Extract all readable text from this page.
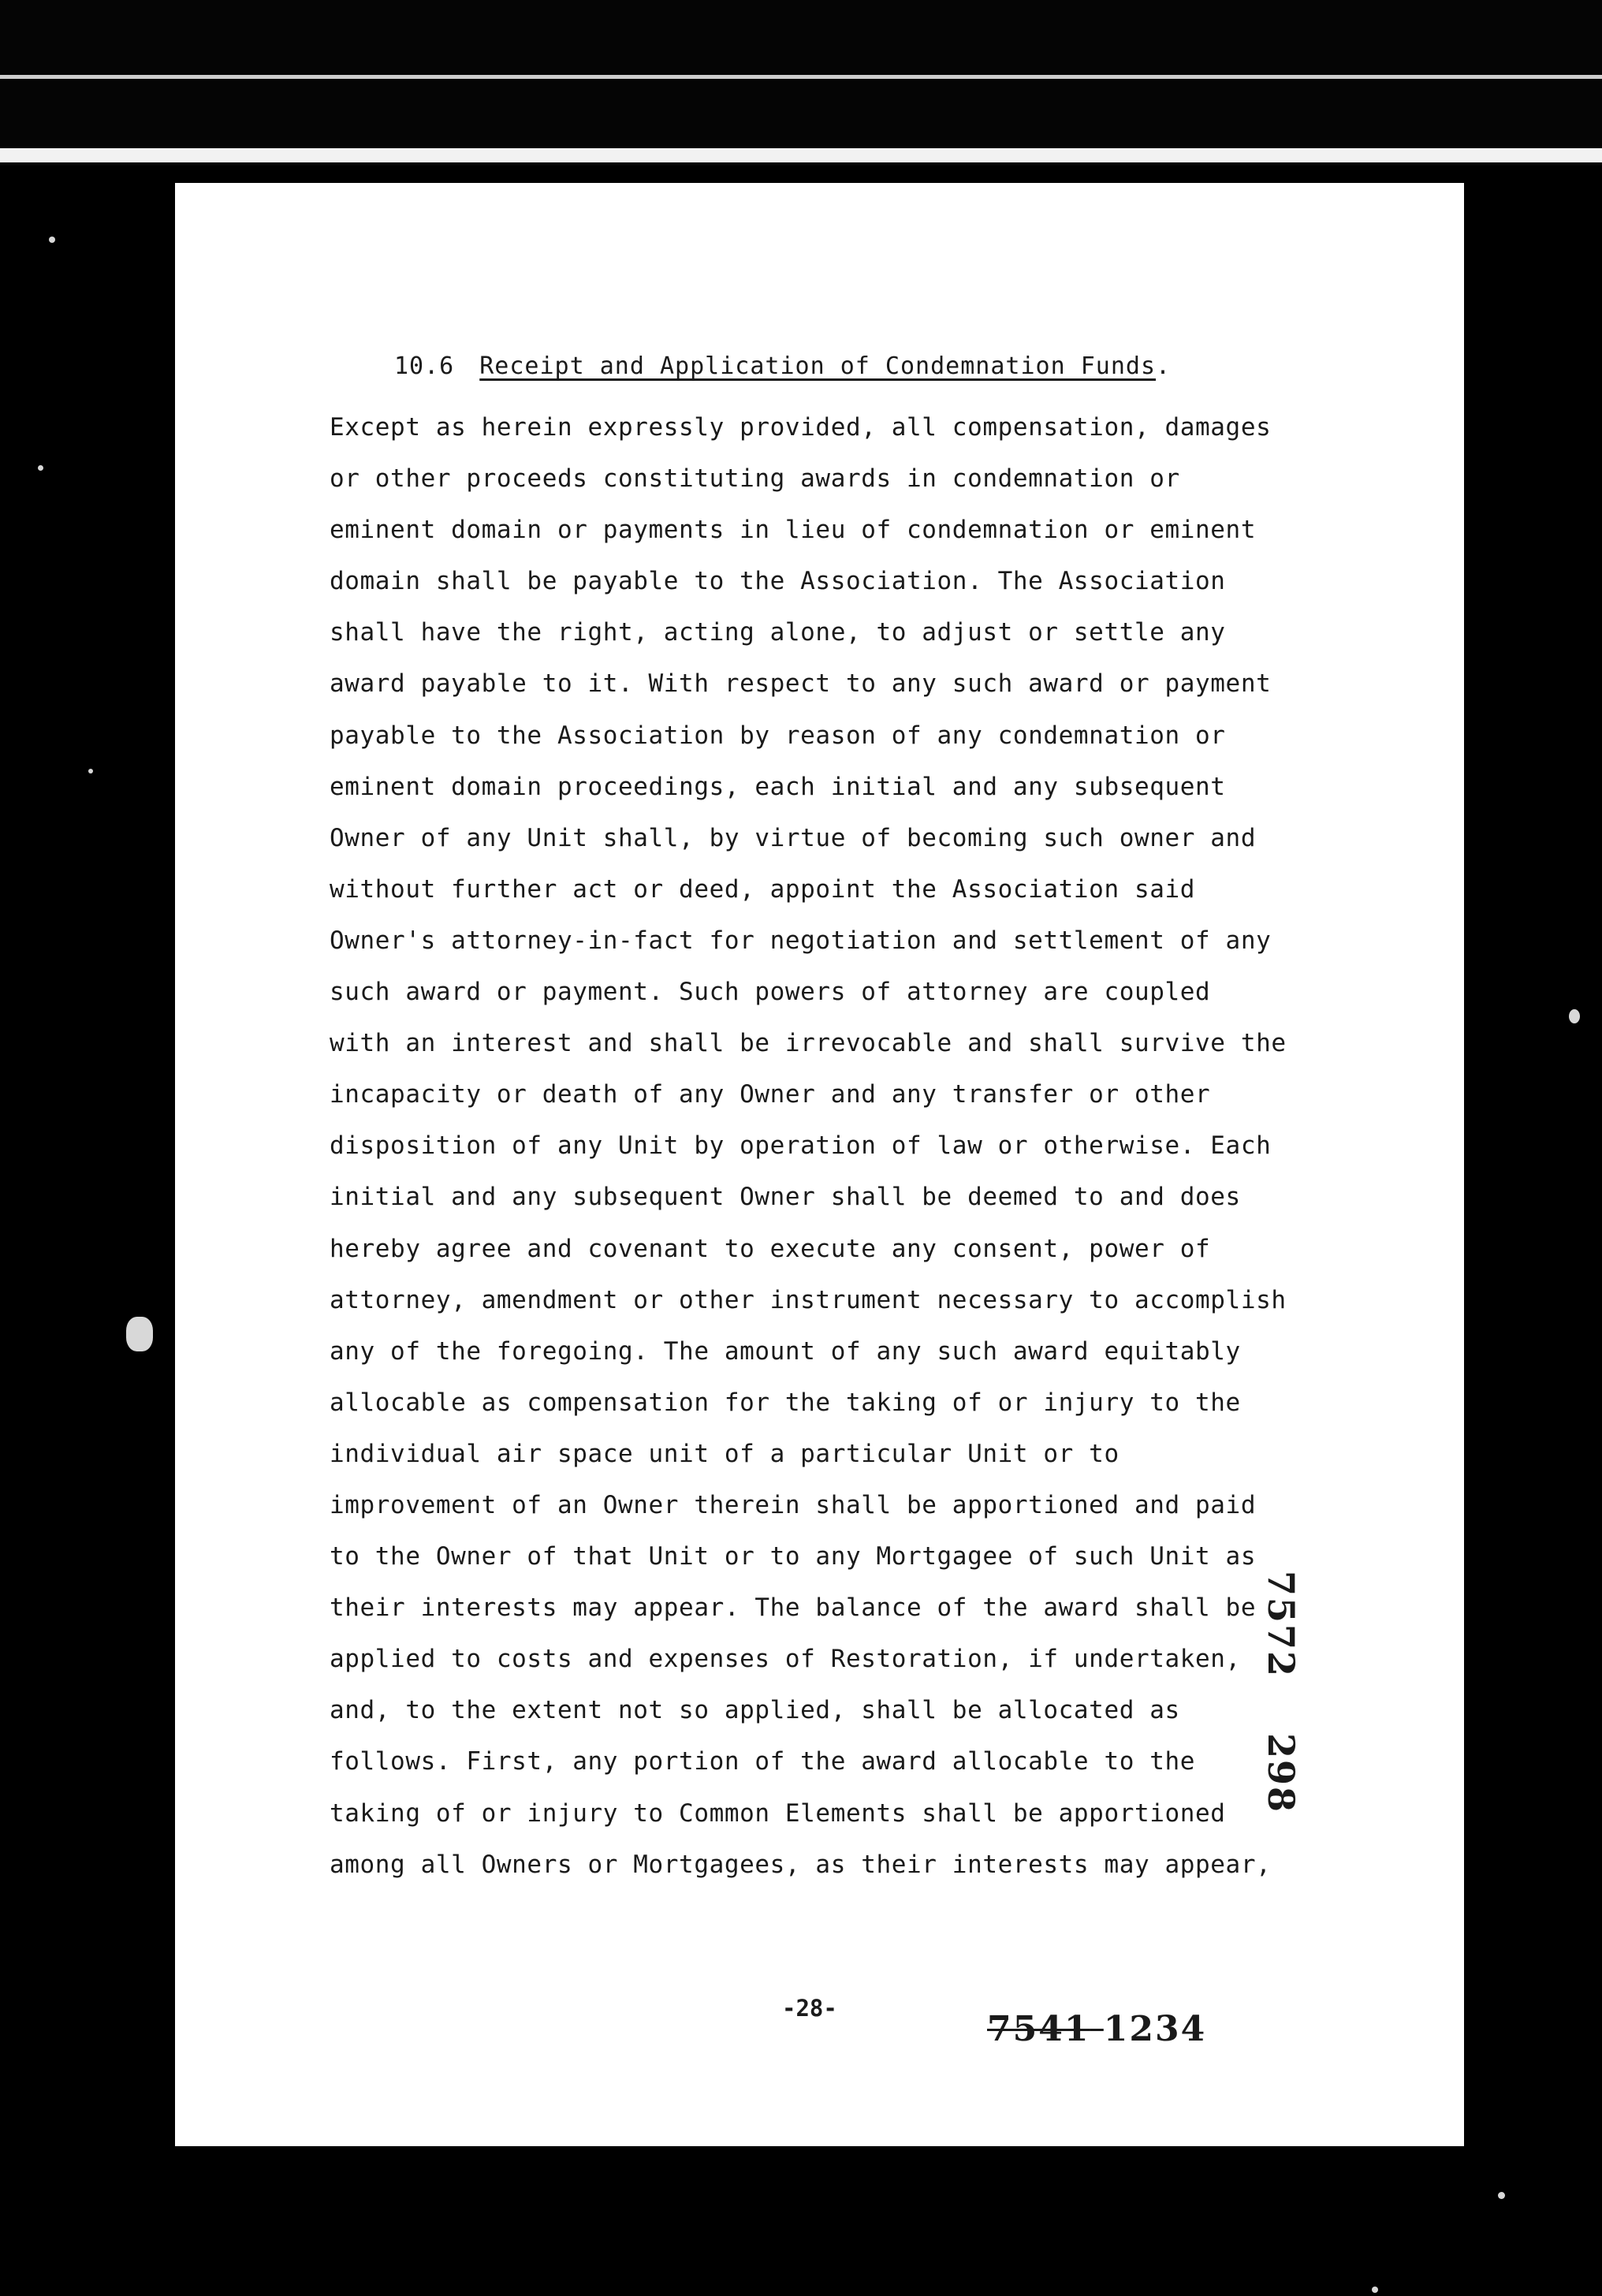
10.6 Receipt and Application of Condemnation Funds.
Except as herein expressly provided, all compensation, damages
or other proceeds constituting awards in condemnation or
eminent domain or payments in lieu of condemnation or eminent
domain shall be payable to the Association. The Association
shall have the right, acting alone, to adjust or settle any
award payable to it. With respect to any such award or payment
payable to the Association by reason of any condemnation or
eminent domain proceedings, each initial and any subsequent
Owner of any Unit shall, by virtue of becoming such owner and
without further act or deed, appoint the Association said
Owner's attorney-in-fact for negotiation and settlement of any
such award or payment. Such powers of attorney are coupled
with an interest and shall be irrevocable and shall survive the
incapacity or death of any Owner and any transfer or other
disposition of any Unit by operation of law or otherwise. Each
initial and any subsequent Owner shall be deemed to and does
hereby agree and covenant to execute any consent, power of
attorney, amendment or other instrument necessary to accomplish
any of the foregoing. The amount of any such award equitably
allocable as compensation for the taking of or injury to the
individual air space unit of a particular Unit or to
improvement of an Owner therein shall be apportioned and paid
to the Owner of that Unit or to any Mortgagee of such Unit as
their interests may appear. The balance of the award shall be
applied to costs and expenses of Restoration, if undertaken,
and, to the extent not so applied, shall be allocated as
follows. First, any portion of the award allocable to the
taking of or injury to Common Elements shall be apportioned
among all Owners or Mortgagees, as their interests may appear,
7572298
-28-
7541 1234
